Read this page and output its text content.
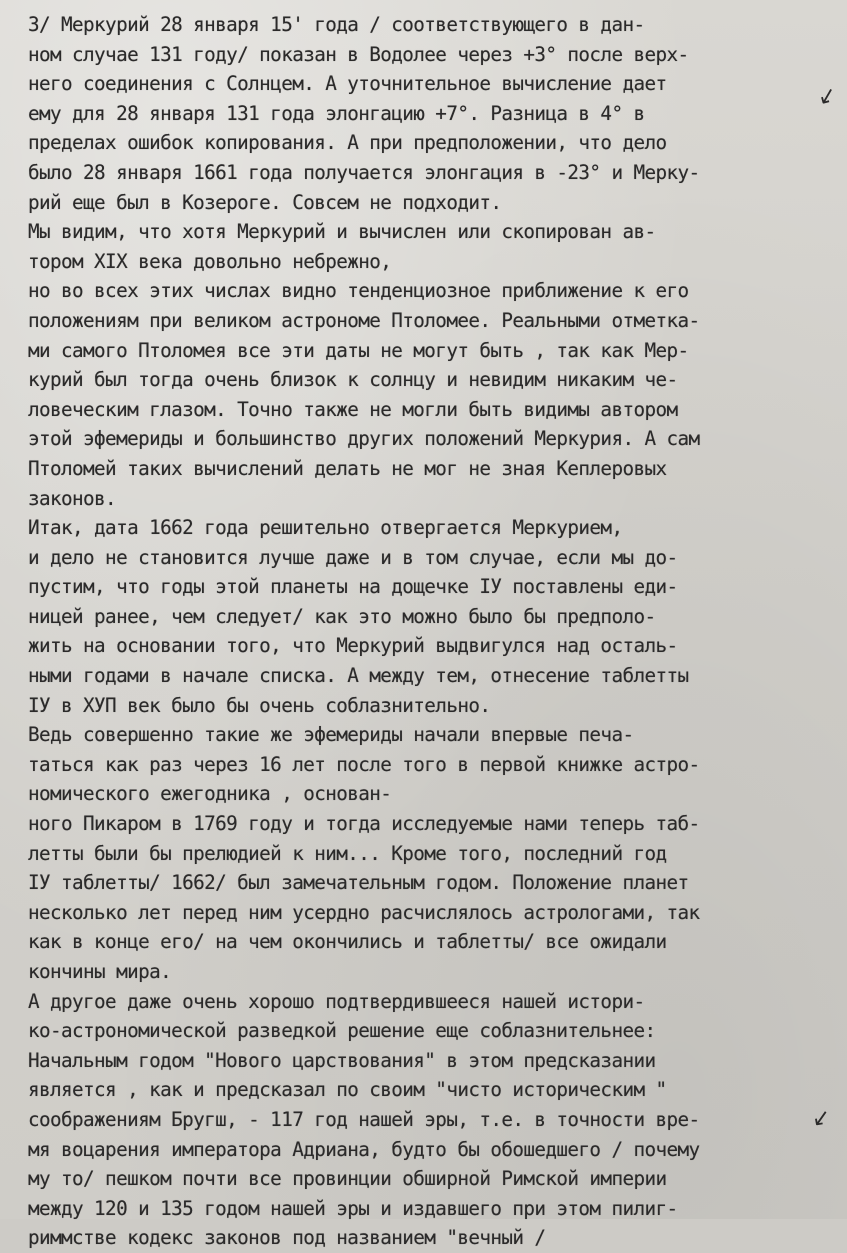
3/ Меркурий 28 января 15' года / соответствующего в дан-
ном случае 131 году/ показан в Водолее через +3° после верх-
него соединения с Солнцем. А уточнительное вычисление дает
ему для 28 января 131 года элонгацию +7°. Разница в 4° в
пределах ошибок копирования. А при предположении, что дело
было 28 января 1661 года получается элонгация в -23° и Мерку-
рий еще был в Козероге. Совсем не подходит.
Мы видим, что хотя Меркурий и вычислен или скопирован ав-
тором XIX века довольно небрежно,
но во всех этих числах видно тенденциозное приближение к его
положениям при великом астрономе Птоломее. Реальными отметка-
ми самого Птоломея все эти даты не могут быть , так как Мер-
курий был тогда очень близок к солнцу и невидим никаким че-
ловеческим глазом. Точно также не могли быть видимы автором
этой эфемериды и большинство других положений Меркурия. А сам
Птоломей таких вычислений делать не мог не зная Кеплеровых
законов.
Итак, дата 1662 года решительно отвергается Меркурием,
и дело не становится лучше даже и в том случае, если мы до-
пустим, что годы этой планеты на дощечке IУ поставлены еди-
ницей ранее, чем следует/ как это можно было бы предполо-
жить на основании того, что Меркурий выдвигулся над осталь-
ными годами в начале списка. А между тем, отнесение таблетты
IУ в ХУП век было бы очень соблазнительно.
Ведь совершенно такие же эфемериды начали впервые печа-
таться как раз через 16 лет после того в первой книжке астро-
номического ежегодника , основан-
ного Пикаром в 1769 году и тогда исследуемые нами теперь таб-
летты были бы прелюдией к ним... Кроме того, последний год
IУ таблетты/ 1662/ был замечательным годом. Положение планет
несколько лет перед ним усердно расчислялось астрологами, так
как в конце его/ на чем окончились и таблетты/ все ожидали
кончины мира.
А другое даже очень хорошо подтвердившееся нашей истори-
ко-астрономической разведкой решение еще соблазнительнее:
Начальным годом "Нового царствования" в этом предсказании
является , как и предсказал по своим "чисто историческим "
соображениям Бругш, - 117 год нашей эры, т.е. в точности вре-
мя воцарения императора Адриана, будто бы обошедшего / почему
му то/ пешком почти все провинции обширной Римской империи
между 120 и 135 годом нашей эры и издавшего при этом пилиг-
риммстве кодекс законов под названием "вечный /
↙
↙
